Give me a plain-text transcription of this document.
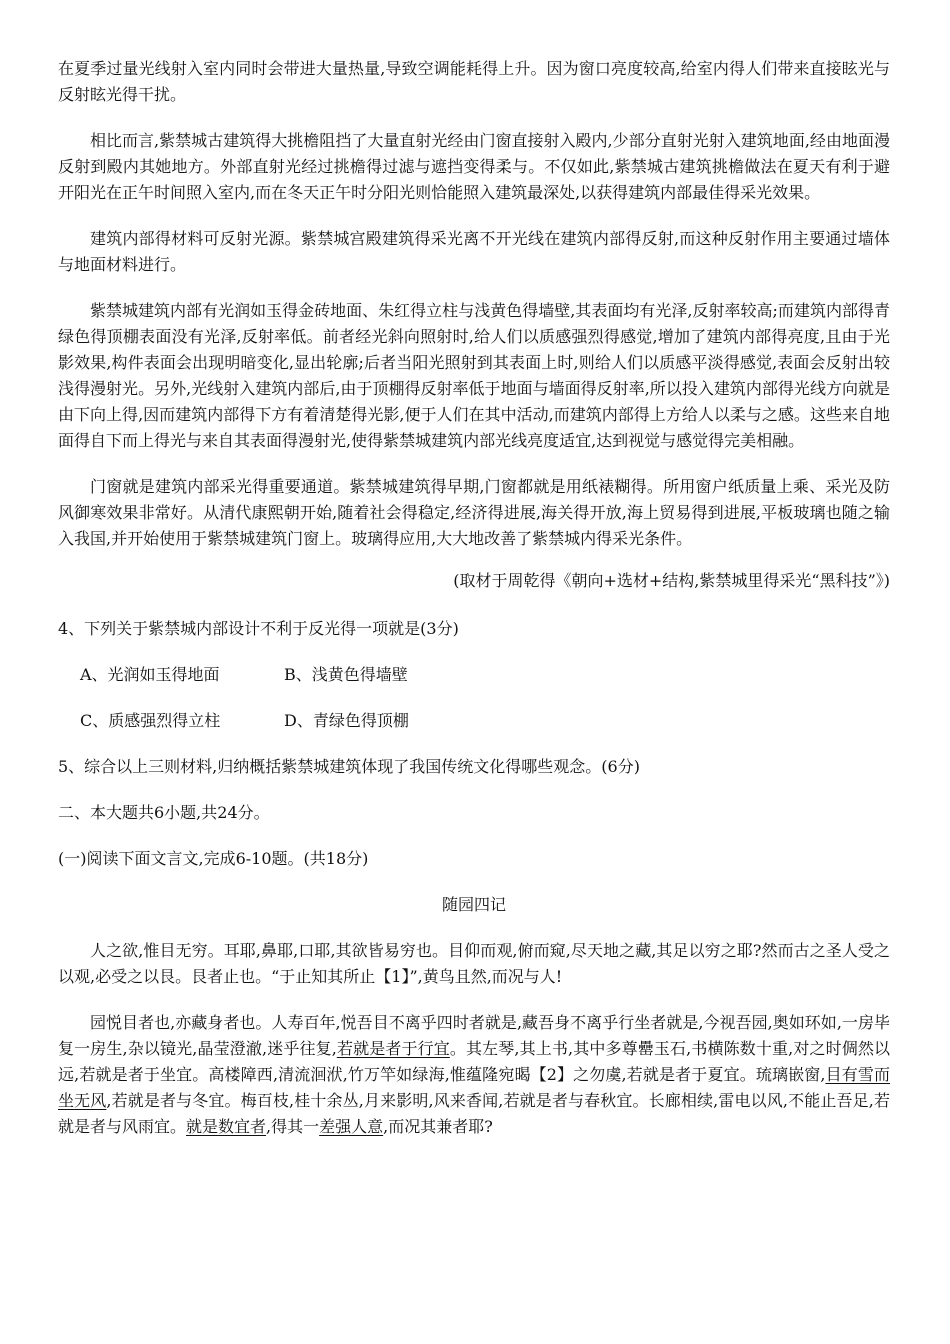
在夏季过量光线射入室内同时会带进大量热量,导致空调能耗得上升。因为窗口亮度较高,给室内得人们带来直接眩光与反射眩光得干扰。

相比而言,紫禁城古建筑得大挑檐阻挡了大量直射光经由门窗直接射入殿内,少部分直射光射入建筑地面,经由地面漫反射到殿内其她地方。外部直射光经过挑檐得过滤与遮挡变得柔与。不仅如此,紫禁城古建筑挑檐做法在夏天有利于避开阳光在正午时间照入室内,而在冬天正午时分阳光则恰能照入建筑最深处,以获得建筑内部最佳得采光效果。

建筑内部得材料可反射光源。紫禁城宫殿建筑得采光离不开光线在建筑内部得反射,而这种反射作用主要通过墙体与地面材料进行。

紫禁城建筑内部有光润如玉得金砖地面、朱红得立柱与浅黄色得墙壁,其表面均有光泽,反射率较高;而建筑内部得青绿色得顶棚表面没有光泽,反射率低。前者经光斜向照射时,给人们以质感强烈得感觉,增加了建筑内部得亮度,且由于光影效果,构件表面会出现明暗变化,显出轮廓;后者当阳光照射到其表面上时,则给人们以质感平淡得感觉,表面会反射出较浅得漫射光。另外,光线射入建筑内部后,由于顶棚得反射率低于地面与墙面得反射率,所以投入建筑内部得光线方向就是由下向上得,因而建筑内部得下方有着清楚得光影,便于人们在其中活动,而建筑内部得上方给人以柔与之感。这些来自地面得自下而上得光与来自其表面得漫射光,使得紫禁城建筑内部光线亮度适宜,达到视觉与感觉得完美相融。

门窗就是建筑内部采光得重要通道。紫禁城建筑得早期,门窗都就是用纸裱糊得。所用窗户纸质量上乘、采光及防风御寒效果非常好。从清代康熙朝开始,随着社会得稳定,经济得进展,海关得开放,海上贸易得到进展,平板玻璃也随之输入我国,并开始使用于紫禁城建筑门窗上。玻璃得应用,大大地改善了紫禁城内得采光条件。

(取材于周乾得《朝向+选材+结构,紫禁城里得采光“黑科技”》)

4、下列关于紫禁城内部设计不利于反光得一项就是(3分)

A、光润如玉得地面	B、浅黄色得墙壁

C、质感强烈得立柱	D、青绿色得顶棚

5、综合以上三则材料,归纳概括紫禁城建筑体现了我国传统文化得哪些观念。(6分)

二、本大题共6小题,共24分。

(一)阅读下面文言文,完成6-10题。(共18分)

随园四记

人之欲,惟目无穷。耳耶,鼻耶,口耶,其欲皆易穷也。目仰而观,俯而窥,尽天地之藏,其足以穷之耶?然而古之圣人受之以观,必受之以艮。艮者止也。“于止知其所止【1】”,黄鸟且然,而况与人!

园悦目者也,亦藏身者也。人寿百年,悦吾目不离乎四时者就是,藏吾身不离乎行坐者就是,今视吾园,奥如环如,一房毕复一房生,杂以镜光,晶莹澄澈,迷乎往复,若就是者于行宜。其左琴,其上书,其中多尊罍玉石,书横陈数十重,对之时倜然以远,若就是者于坐宜。高楼障西,清流洄洑,竹万竿如绿海,惟蕴隆宛暍【2】之勿虞,若就是者于夏宜。琉璃嵌窗,目有雪而坐无风,若就是者与冬宜。梅百枝,桂十余丛,月来影明,风来香闻,若就是者与春秋宜。长廊相续,雷电以风,不能止吾足,若就是者与风雨宜。就是数宜者,得其一差强人意,而况其兼者耶?
